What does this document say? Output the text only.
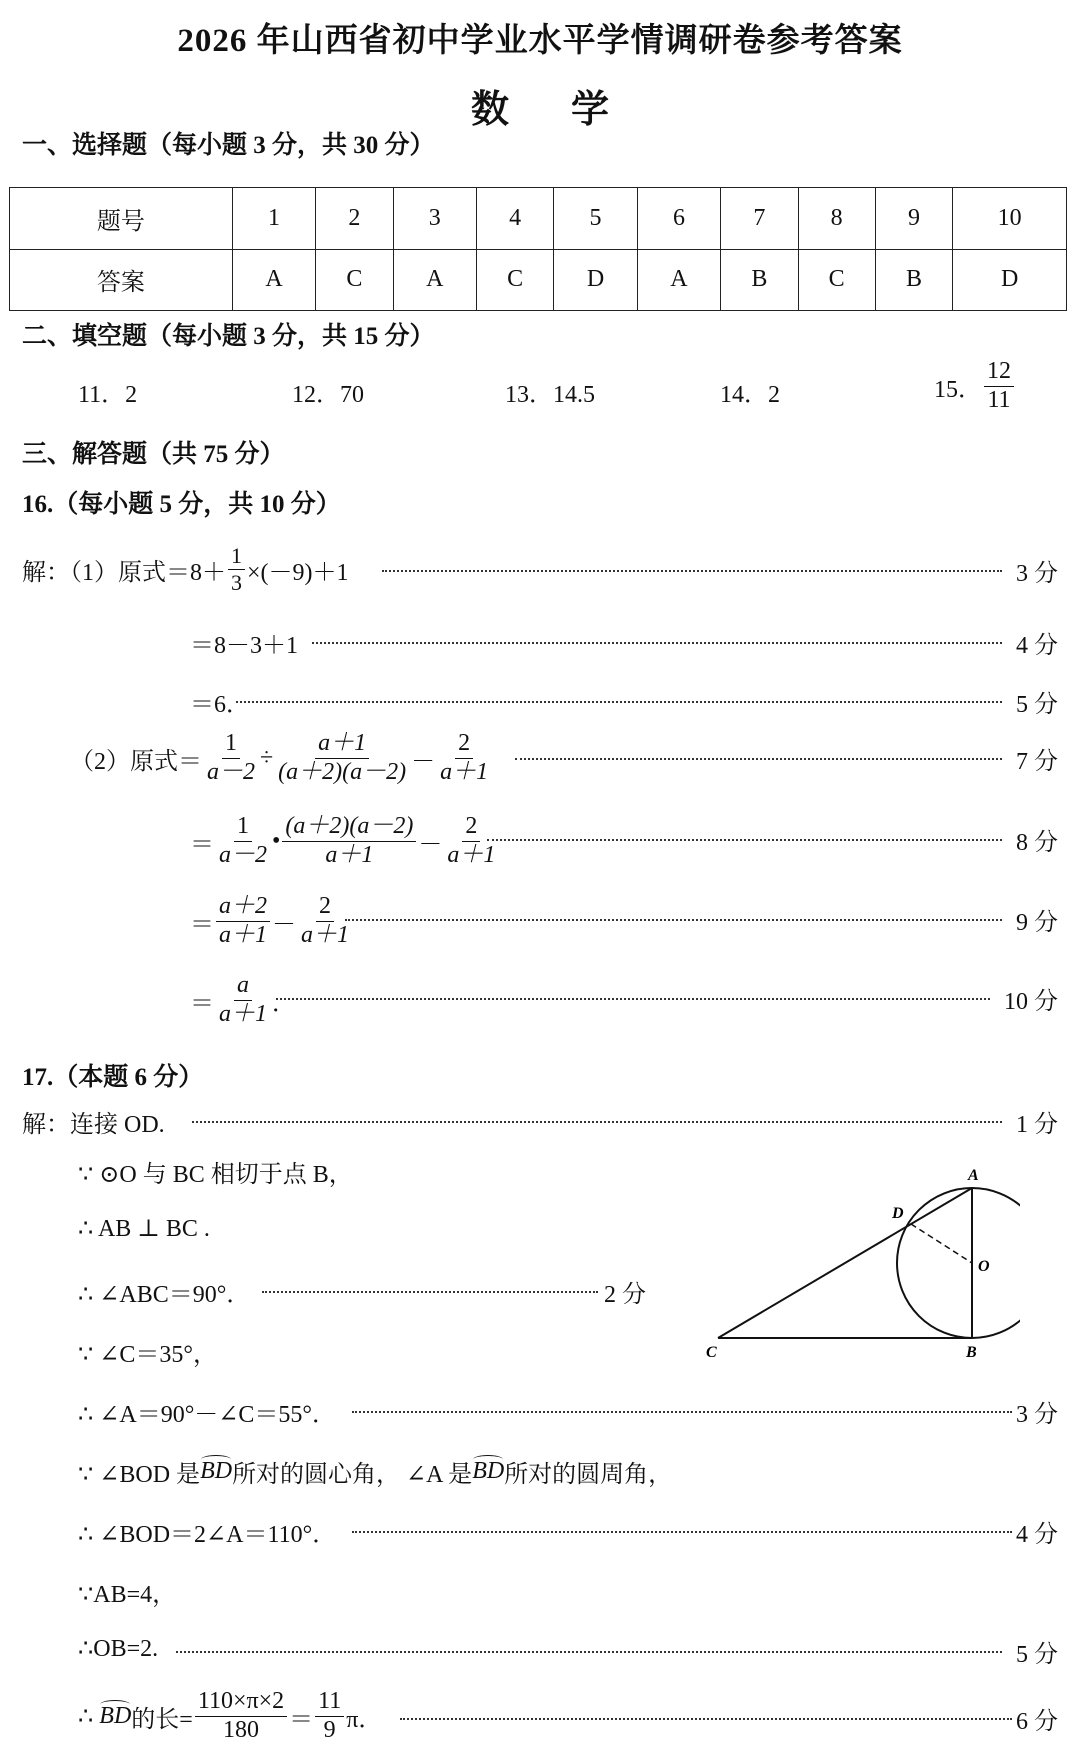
2026 年山西省初中学业水平学情调研卷参考答案
数学
一、选择题（每小题 3 分，共 30 分）
题号	1	2	3	4	5	6	7	8	9	10
答案	A	C	A	C	D	A	B	C	B	D
二、填空题（每小题 3 分，共 15 分）
11．2	12．70	13．14.5	14．2	15． $\frac{12}{11}$
三、解答题（共 75 分）
16.（每小题 5 分，共 10 分）
解：（1）原式$=8+ \frac{1}{3} \times(-9)+1$	3 分
＝8－3＋1	4 分
＝6．	5 分
（2）原式＝ $\frac{1}{a-2} \div \frac{a+1}{(a+2)(a-2)} - \frac{2}{a+1}$	7 分
＝ $\frac{1}{a-2}$ • $\frac{(a+2)(a-2)}{a+1} - \frac{2}{a+1}$	8 分
＝ $\frac{a+2}{a+1} - \frac{2}{a+1}$	9 分
＝ $\frac{a}{a+1}$ ．	10 分
17.（本题 6 分）
解：连接 OD.	1 分
∵ ⊙O 与 BC 相切于点 B，
∴ AB ⊥ BC .
∴ ∠ABC＝90°．	2 分
∵ ∠C＝35°，
A
B
C
D
O
∴ ∠A＝90°－∠C＝55°．	3 分
∵ ∠BOD 是 BD 所对的圆心角， ∠A 是 BD 所对的圆周角，
∴ ∠BOD＝2∠A＝110°．	4 分
∵AB=4，
∴OB=2.	5 分
∴ BD 的长= $\frac{110\times\pi\times 2}{180} = \frac{11}{9}$ π．	6 分
